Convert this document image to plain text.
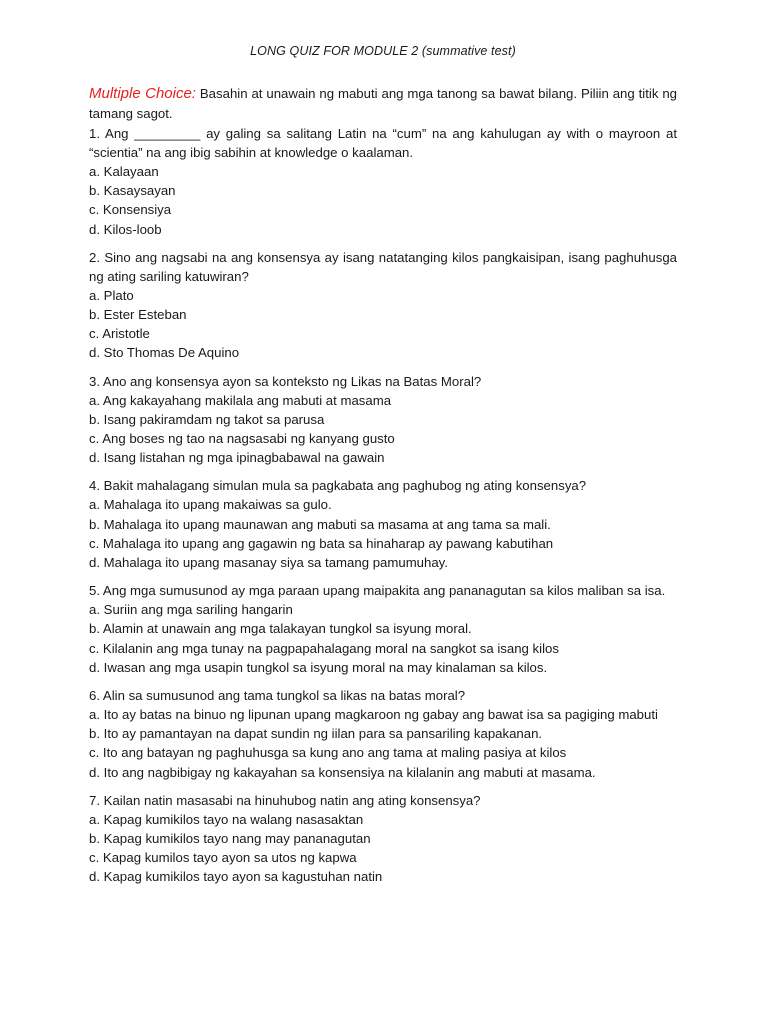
LONG QUIZ FOR MODULE 2 (summative test)

Multiple Choice: Basahin at unawain ng mabuti ang mga tanong sa bawat bilang. Piliin ang titik ng tamang sagot.

1. Ang _________ ay galing sa salitang Latin na “cum” na ang kahulugan ay with o mayroon at “scientia” na ang ibig sabihin at knowledge o kaalaman.

a. Kalayaan

b. Kasaysayan

c. Konsensiya

d. Kilos-loob

2. Sino ang nagsabi na ang konsensya ay isang natatanging kilos pangkaisipan, isang paghuhusga ng ating sariling katuwiran?

a. Plato

b. Ester Esteban

c. Aristotle

d. Sto Thomas De Aquino

3. Ano ang konsensya ayon sa konteksto ng Likas na Batas Moral?

a. Ang kakayahang makilala ang mabuti at masama

b. Isang pakiramdam ng takot sa parusa

c. Ang boses ng tao na nagsasabi ng kanyang gusto

d. Isang listahan ng mga ipinagbabawal na gawain

4. Bakit mahalagang simulan mula sa pagkabata ang paghubog ng ating konsensya?

a. Mahalaga ito upang makaiwas sa gulo.

b. Mahalaga ito upang maunawan ang mabuti sa masama at ang tama sa mali.

c. Mahalaga ito upang ang gagawin ng bata sa hinaharap ay pawang kabutihan

d. Mahalaga ito upang masanay siya sa tamang pamumuhay.

5. Ang mga sumusunod ay mga paraan upang maipakita ang pananagutan sa kilos maliban sa isa.

a. Suriin ang mga sariling hangarin

b. Alamin at unawain ang mga talakayan tungkol sa isyung moral.

c. Kilalanin ang mga tunay na pagpapahalagang moral na sangkot sa isang kilos

d. Iwasan ang mga usapin tungkol sa isyung moral na may kinalaman sa kilos.

6. Alin sa sumusunod ang tama tungkol sa likas na batas moral?

a. Ito ay batas na binuo ng lipunan upang magkaroon ng gabay ang bawat isa sa pagiging mabuti

b. Ito ay pamantayan na dapat sundin ng iilan para sa pansariling kapakanan.

c. Ito ang batayan ng paghuhusga sa kung ano ang tama at maling pasiya at kilos

d. Ito ang nagbibigay ng kakayahan sa konsensiya na kilalanin ang mabuti at masama.

7. Kailan natin masasabi na hinuhubog natin ang ating konsensya?

a. Kapag kumikilos tayo na walang nasasaktan

b. Kapag kumikilos tayo nang may pananagutan

c. Kapag kumilos tayo ayon sa utos ng kapwa

d. Kapag kumikilos tayo ayon sa kagustuhan natin
